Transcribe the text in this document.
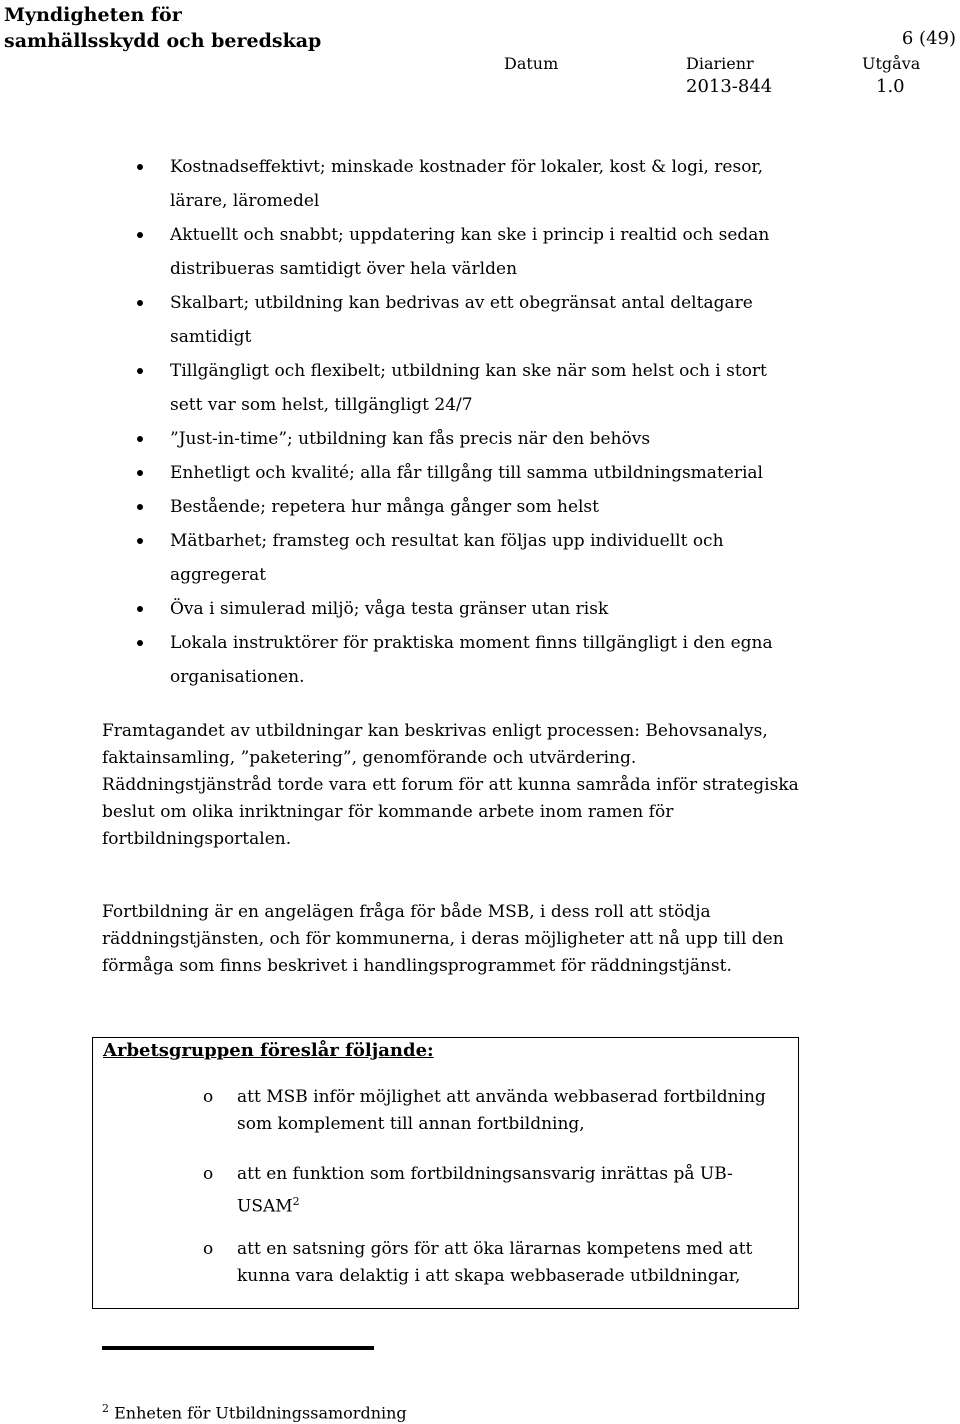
Myndigheten för
samhällsskydd och beredskap	6 (49)
Datum	Diarienr
2013-844
Utgåva
1.0
Kostnadseffektivt; minskade kostnader för lokaler, kost & logi, resor, lärare, läromedel
Aktuellt och snabbt; uppdatering kan ske i princip i realtid och sedan distribueras samtidigt över hela världen
Skalbart; utbildning kan bedrivas av ett obegränsat antal deltagare samtidigt
Tillgängligt och flexibelt; utbildning kan ske när som helst och i stort sett var som helst, tillgängligt 24/7
”Just-in-time”; utbildning kan fås precis när den behövs
Enhetligt och kvalité; alla får tillgång till samma utbildningsmaterial
Bestående; repetera hur många gånger som helst
Mätbarhet; framsteg och resultat kan följas upp individuellt och aggregerat
Öva i simulerad miljö; våga testa gränser utan risk
Lokala instruktörer för praktiska moment finns tillgängligt i den egna organisationen.

Framtagandet av utbildningar kan beskrivas enligt processen: Behovsanalys, faktainsamling, ”paketering”, genomförande och utvärdering. Räddningstjänstråd torde vara ett forum för att kunna samråda inför strategiska beslut om olika inriktningar för kommande arbete inom ramen för fortbildningsportalen.

Fortbildning är en angelägen fråga för både MSB, i dess roll att stödja räddningstjänsten, och för kommunerna, i deras möjligheter att nå upp till den förmåga som finns beskrivet i handlingsprogrammet för räddningstjänst.

Arbetsgruppen föreslår följande:
o att MSB inför möjlighet att använda webbaserad fortbildning som komplement till annan fortbildning,
o att en funktion som fortbildningsansvarig inrättas på UB-USAM$^2$
o att en satsning görs för att öka lärarnas kompetens med att kunna vara delaktig i att skapa webbaserade utbildningar,
$^2$ Enheten för Utbildningssamordning
